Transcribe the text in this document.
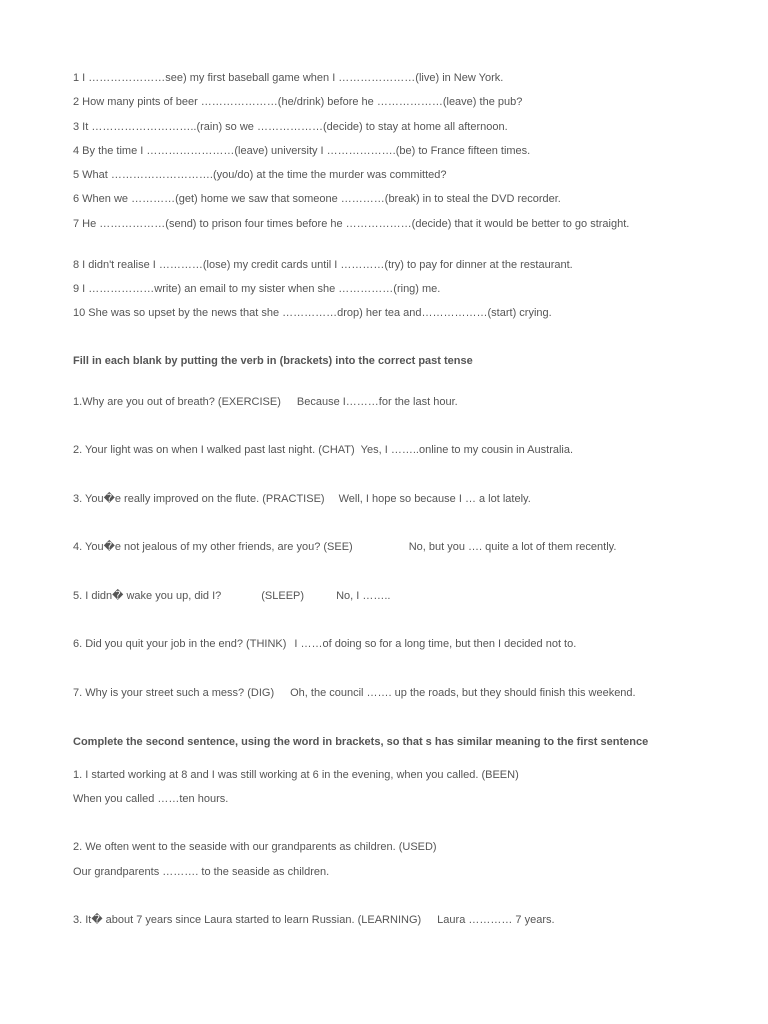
1 I …………………see) my first baseball game when I …………………(live) in New York.
2 How many pints of beer …………………(he/drink) before he ………………(leave) the pub?
3 It ………………………..(rain) so we ………………(decide) to stay at home all afternoon.
4 By the time I ……………………(leave) university I ……………….(be) to France fifteen times.
5 What ……………………….(you/do) at the time the murder was committed?
6 When we …………(get) home we saw that someone …………(break) in to steal the DVD recorder.
7 He ………………(send) to prison four times before he ………………(decide) that it would be better to go straight.
8 I didn't realise I …………(lose) my credit cards until I …………(try) to pay for dinner at the restaurant.
9 I ………………write) an email to my sister when she ……………(ring) me.
10 She was so upset by the news that she ……………drop) her tea and………………(start) crying.
Fill in each blank by putting the verb in (brackets) into the correct past tense
1.Why are you out of breath? (EXERCISE) Because I………for the last hour.
2. Your light was on when I walked past last night. (CHAT) Yes, I ……..online to my cousin in Australia.
3. You�e really improved on the flute. (PRACTISE) Well, I hope so because I … a lot lately.
4. You�e not jealous of my other friends, are you? (SEE)	No, but you …. quite a lot of them recently.
5. I didn� wake you up, did I?	(SLEEP)	No, I ……..
6. Did you quit your job in the end? (THINK) I ……of doing so for a long time, but then I decided not to.
7. Why is your street such a mess? (DIG) Oh, the council ……. up the roads, but they should finish this weekend.
Complete the second sentence, using the word in brackets, so that s has similar meaning to the first sentence
1. I started working at 8 and I was still working at 6 in the evening, when you called. (BEEN)
When you called ……ten hours.
2. We often went to the seaside with our grandparents as children. (USED)
Our grandparents ………. to the seaside as children.
3. It� about 7 years since Laura started to learn Russian. (LEARNING) Laura ………… 7 years.
